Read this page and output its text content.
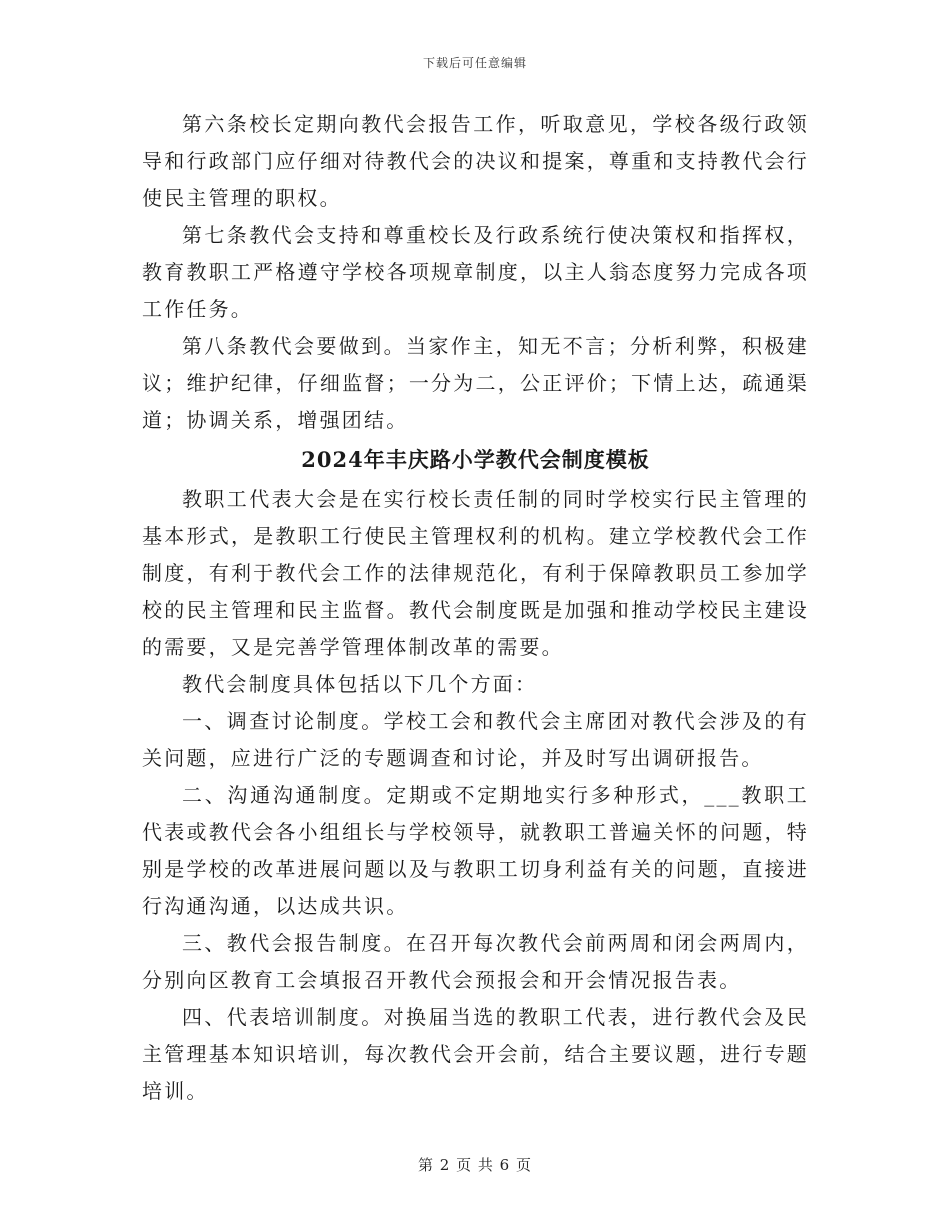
下载后可任意编辑

第六条校长定期向教代会报告工作，听取意见，学校各级行政领导和行政部门应仔细对待教代会的决议和提案，尊重和支持教代会行使民主管理的职权。

第七条教代会支持和尊重校长及行政系统行使决策权和指挥权，教育教职工严格遵守学校各项规章制度，以主人翁态度努力完成各项工作任务。

第八条教代会要做到。当家作主，知无不言；分析利弊，积极建议；维护纪律，仔细监督；一分为二，公正评价；下情上达，疏通渠道；协调关系，增强团结。

2024年丰庆路小学教代会制度模板

教职工代表大会是在实行校长责任制的同时学校实行民主管理的基本形式，是教职工行使民主管理权利的机构。建立学校教代会工作制度，有利于教代会工作的法律规范化，有利于保障教职员工参加学校的民主管理和民主监督。教代会制度既是加强和推动学校民主建设的需要，又是完善学管理体制改革的需要。

教代会制度具体包括以下几个方面：

一、调查讨论制度。学校工会和教代会主席团对教代会涉及的有关问题，应进行广泛的专题调查和讨论，并及时写出调研报告。

二、沟通沟通制度。定期或不定期地实行多种形式，___教职工代表或教代会各小组组长与学校领导，就教职工普遍关怀的问题，特别是学校的改革进展问题以及与教职工切身利益有关的问题，直接进行沟通沟通，以达成共识。

三、教代会报告制度。在召开每次教代会前两周和闭会两周内，分别向区教育工会填报召开教代会预报会和开会情况报告表。

四、代表培训制度。对换届当选的教职工代表，进行教代会及民主管理基本知识培训，每次教代会开会前，结合主要议题，进行专题培训。

第 2 页 共 6 页
